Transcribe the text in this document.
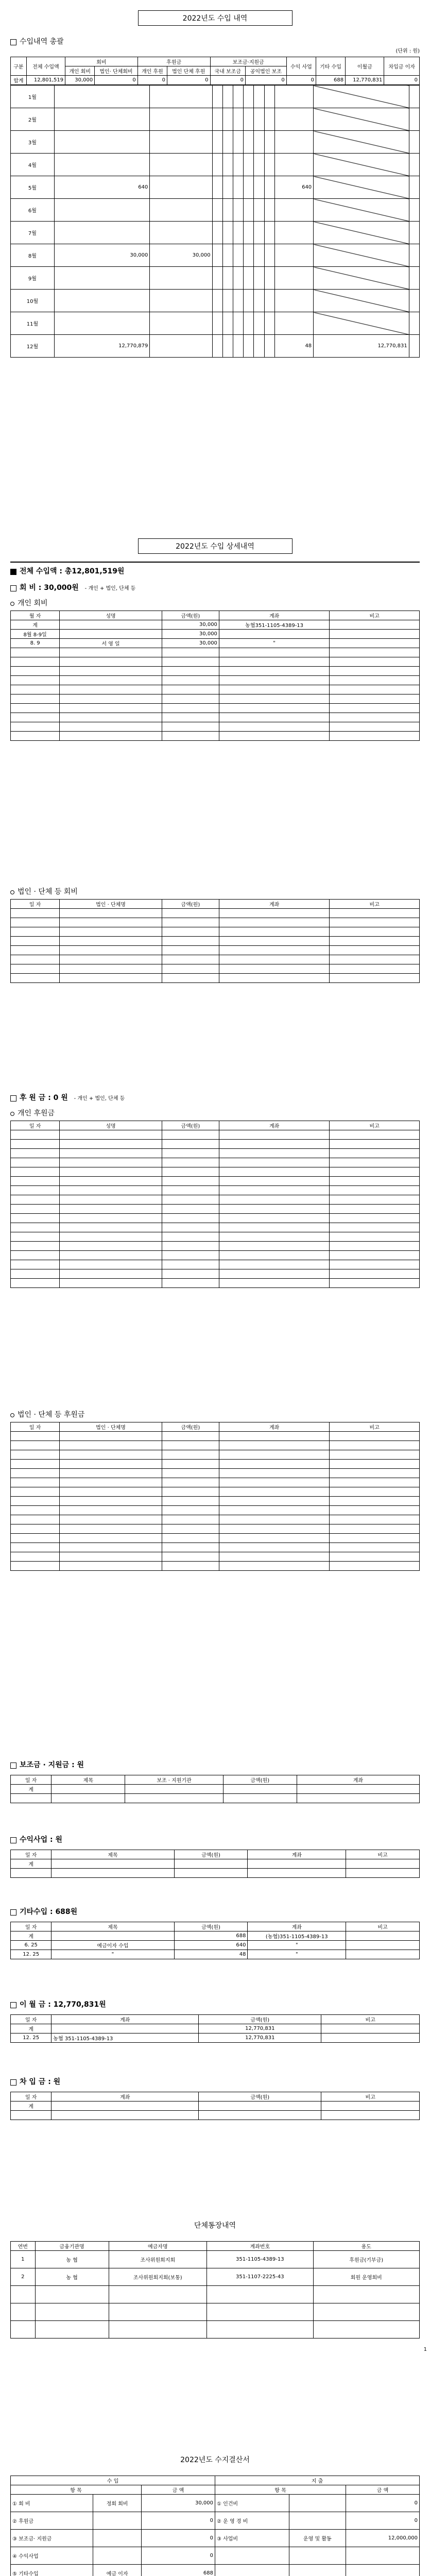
2022년도 수입 내역
수입내역 총괄
(단위 : 원)
구분	전체 수입액	회비		후원금		보조금·지원금		수익 사업	기타 수입	이월금	차입금 이자
		개인 회비	법인· 단체회비	개인 후원	법인 단체 후원	국내 보조금	공익법인 보조				
합계	12,801,519	30,000	0	0	0	0	0	0	688	12,770,831	0
1월											
2월											
3월											
4월											
5월	640								640		
6월											
7월											
8월	30,000	30,000									
9월											
10월											
11월											
12월	12,770,879								48	12,770,831	
2022년도 수입 상세내역
전체 수입액 : 총12,801,519원
회 비 : 30,000원 - 개인 + 법인, 단체 등
개인 회비
월 자	성명	금액(원)	계좌	비고
계		30,000	농협351-1105-4389-13	
8월 8-9일		30,000		
8. 9	서 영 일	30,000	"	

법인 · 단체 등 회비
일 자	법인 · 단체명	금액(원)	계좌	비고

후 원 금 : 0 원 - 개인 + 법인, 단체 등
개인 후원금
일 자	성명	금액(원)	계좌	비고

법인 · 단체 등 후원금
일 자	법인 · 단체명	금액(원)	계좌	비고

보조금 · 지원금 : 원
일 자	제목	보조 · 지원기관	금액(원)	계좌
계				

수익사업 : 원
일 자	제목	금액(원)	계좌	비고
계				

기타수입 : 688원
일 자	제목	금액(원)	계좌	비고
계		688	(농협)351-1105-4389-13	
6. 25	예금이자 수입	640	"	
12. 25	"	48	"	
이 월 금 : 12,770,831원
일 자	계좌	금액(원)	비고
계		12,770,831	
12. 25	농협 351-1105-4389-13	12,770,831	
차 입 금 : 원
일 자	계좌	금액(원)	비고
계			

단체통장내역
연번	금융기관명	예금자명	계좌번호	용도
1	농 협	조사위원회지회	351-1105-4389-13	후원금(기부금)
2	농 협	조사위원회지회(보통)	351-1107-2225-43	회원 운영회비

1
2022년도 수지결산서
수 입			지 출		
항 목		금 액	항 목		금 액
① 회 비	정회 회비	30,000	① 인건비		0
② 후원금		0	② 운 영 경 비		0
③ 보조금· 지원금		0	③ 사업비	운영 및 활동	12,000,000
④ 수익사업		0			
⑤ 기타수입	예금 이자	688			
